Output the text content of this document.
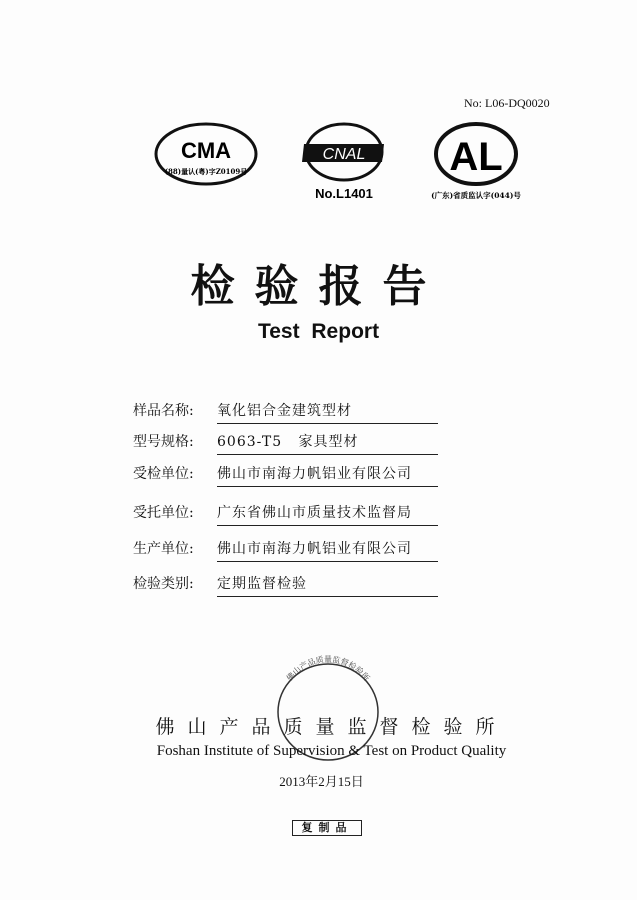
No: L06-DQ0020
CMA
(88)量认(粤)字Z0109号
CNAL
No.L1401
AL
(广东)省质监认字(044)号
检验报告
Test Report
样品名称: 氧化铝合金建筑型材
型号规格: 6063-T5   家具型材
受检单位: 佛山市南海力帆铝业有限公司
受托单位: 广东省佛山市质量技术监督局
生产单位: 佛山市南海力帆铝业有限公司
检验类别: 定期监督检验
佛山产品质量监督检验所
佛山产品质量监督检验所
Foshan Institute of Supervision & Test on Product Quality
2013年2月15日
复制品
